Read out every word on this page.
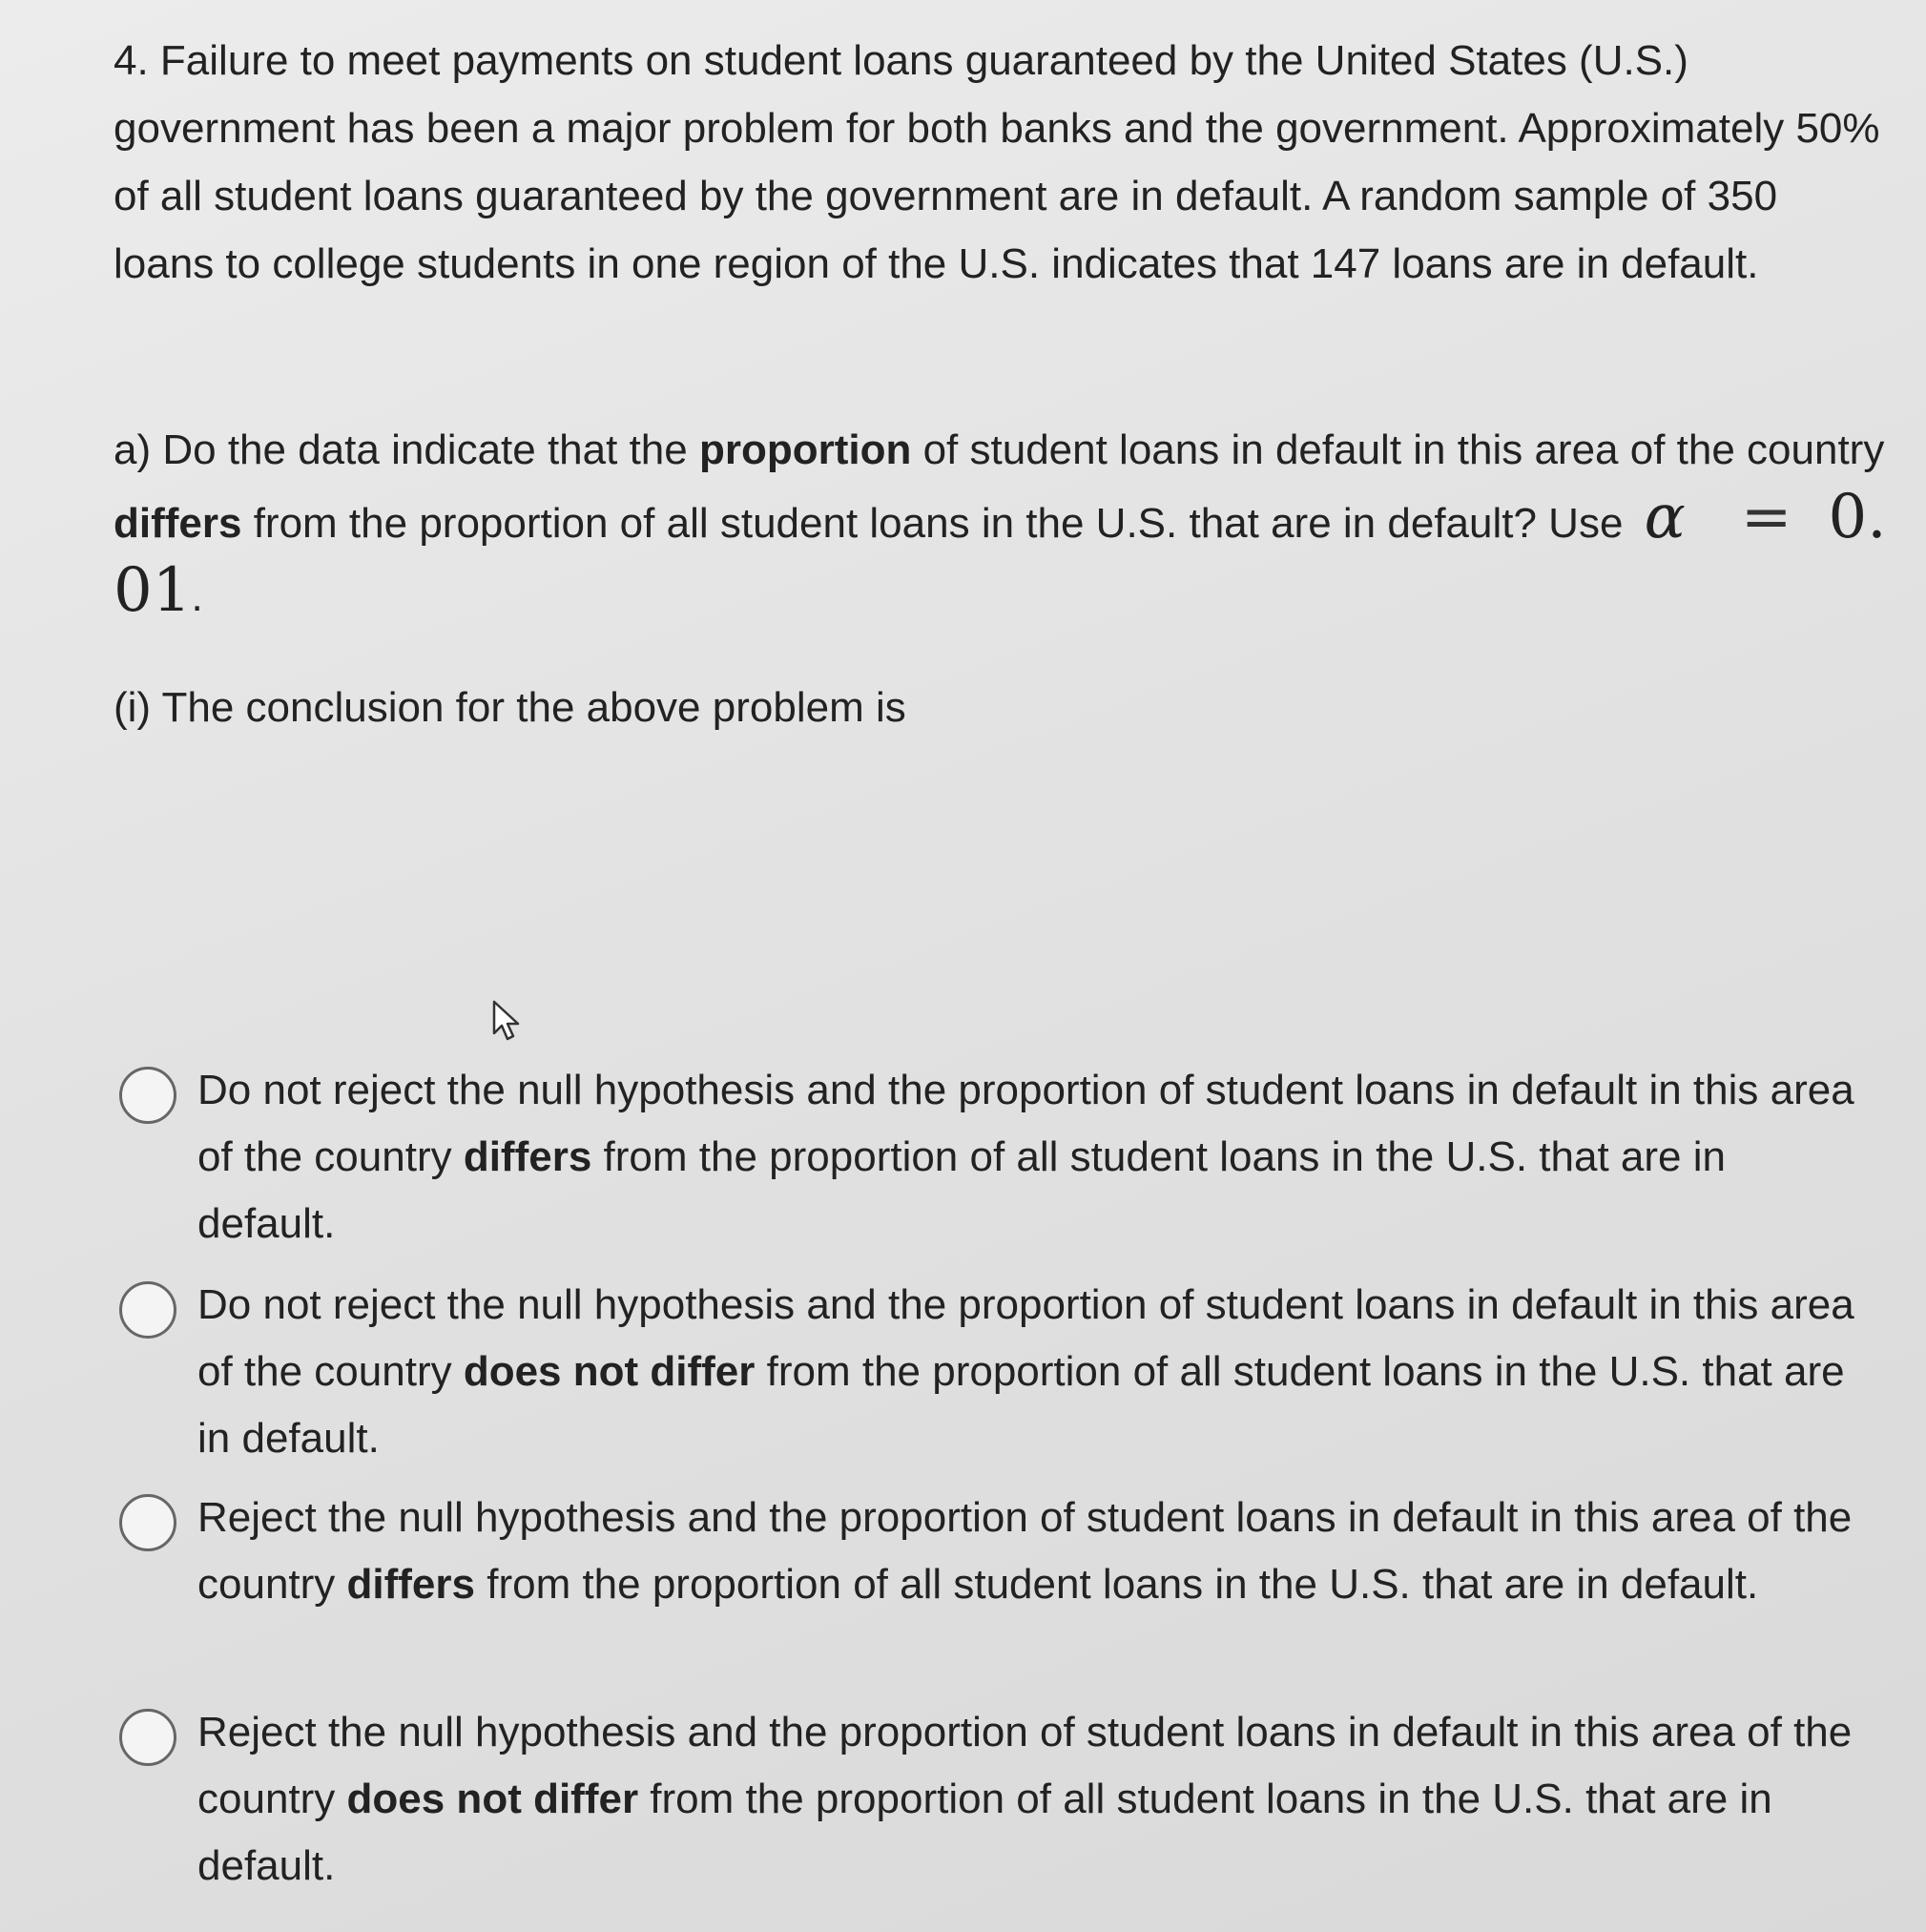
4. Failure to meet payments on student loans guaranteed by the United States (U.S.) government has been a major problem for both banks and the government. Approximately 50% of all student loans guaranteed by the government are in default. A random sample of 350 loans to college students in one region of the U.S. indicates that 147 loans are in default.
a) Do the data indicate that the proportion of student loans in default in this area of the country differs from the proportion of all student loans in the U.S. that are in default? Use α = 0. 01.
(i) The conclusion for the above problem is
Do not reject the null hypothesis and the proportion of student loans in default in this area of the country differs from the proportion of all student loans in the U.S. that are in default.
Do not reject the null hypothesis and the proportion of student loans in default in this area of the country does not differ from the proportion of all student loans in the U.S. that are in default.
Reject the null hypothesis and the proportion of student loans in default in this area of the country differs from the proportion of all student loans in the U.S. that are in default.
Reject the null hypothesis and the proportion of student loans in default in this area of the country does not differ from the proportion of all student loans in the U.S. that are in default.
